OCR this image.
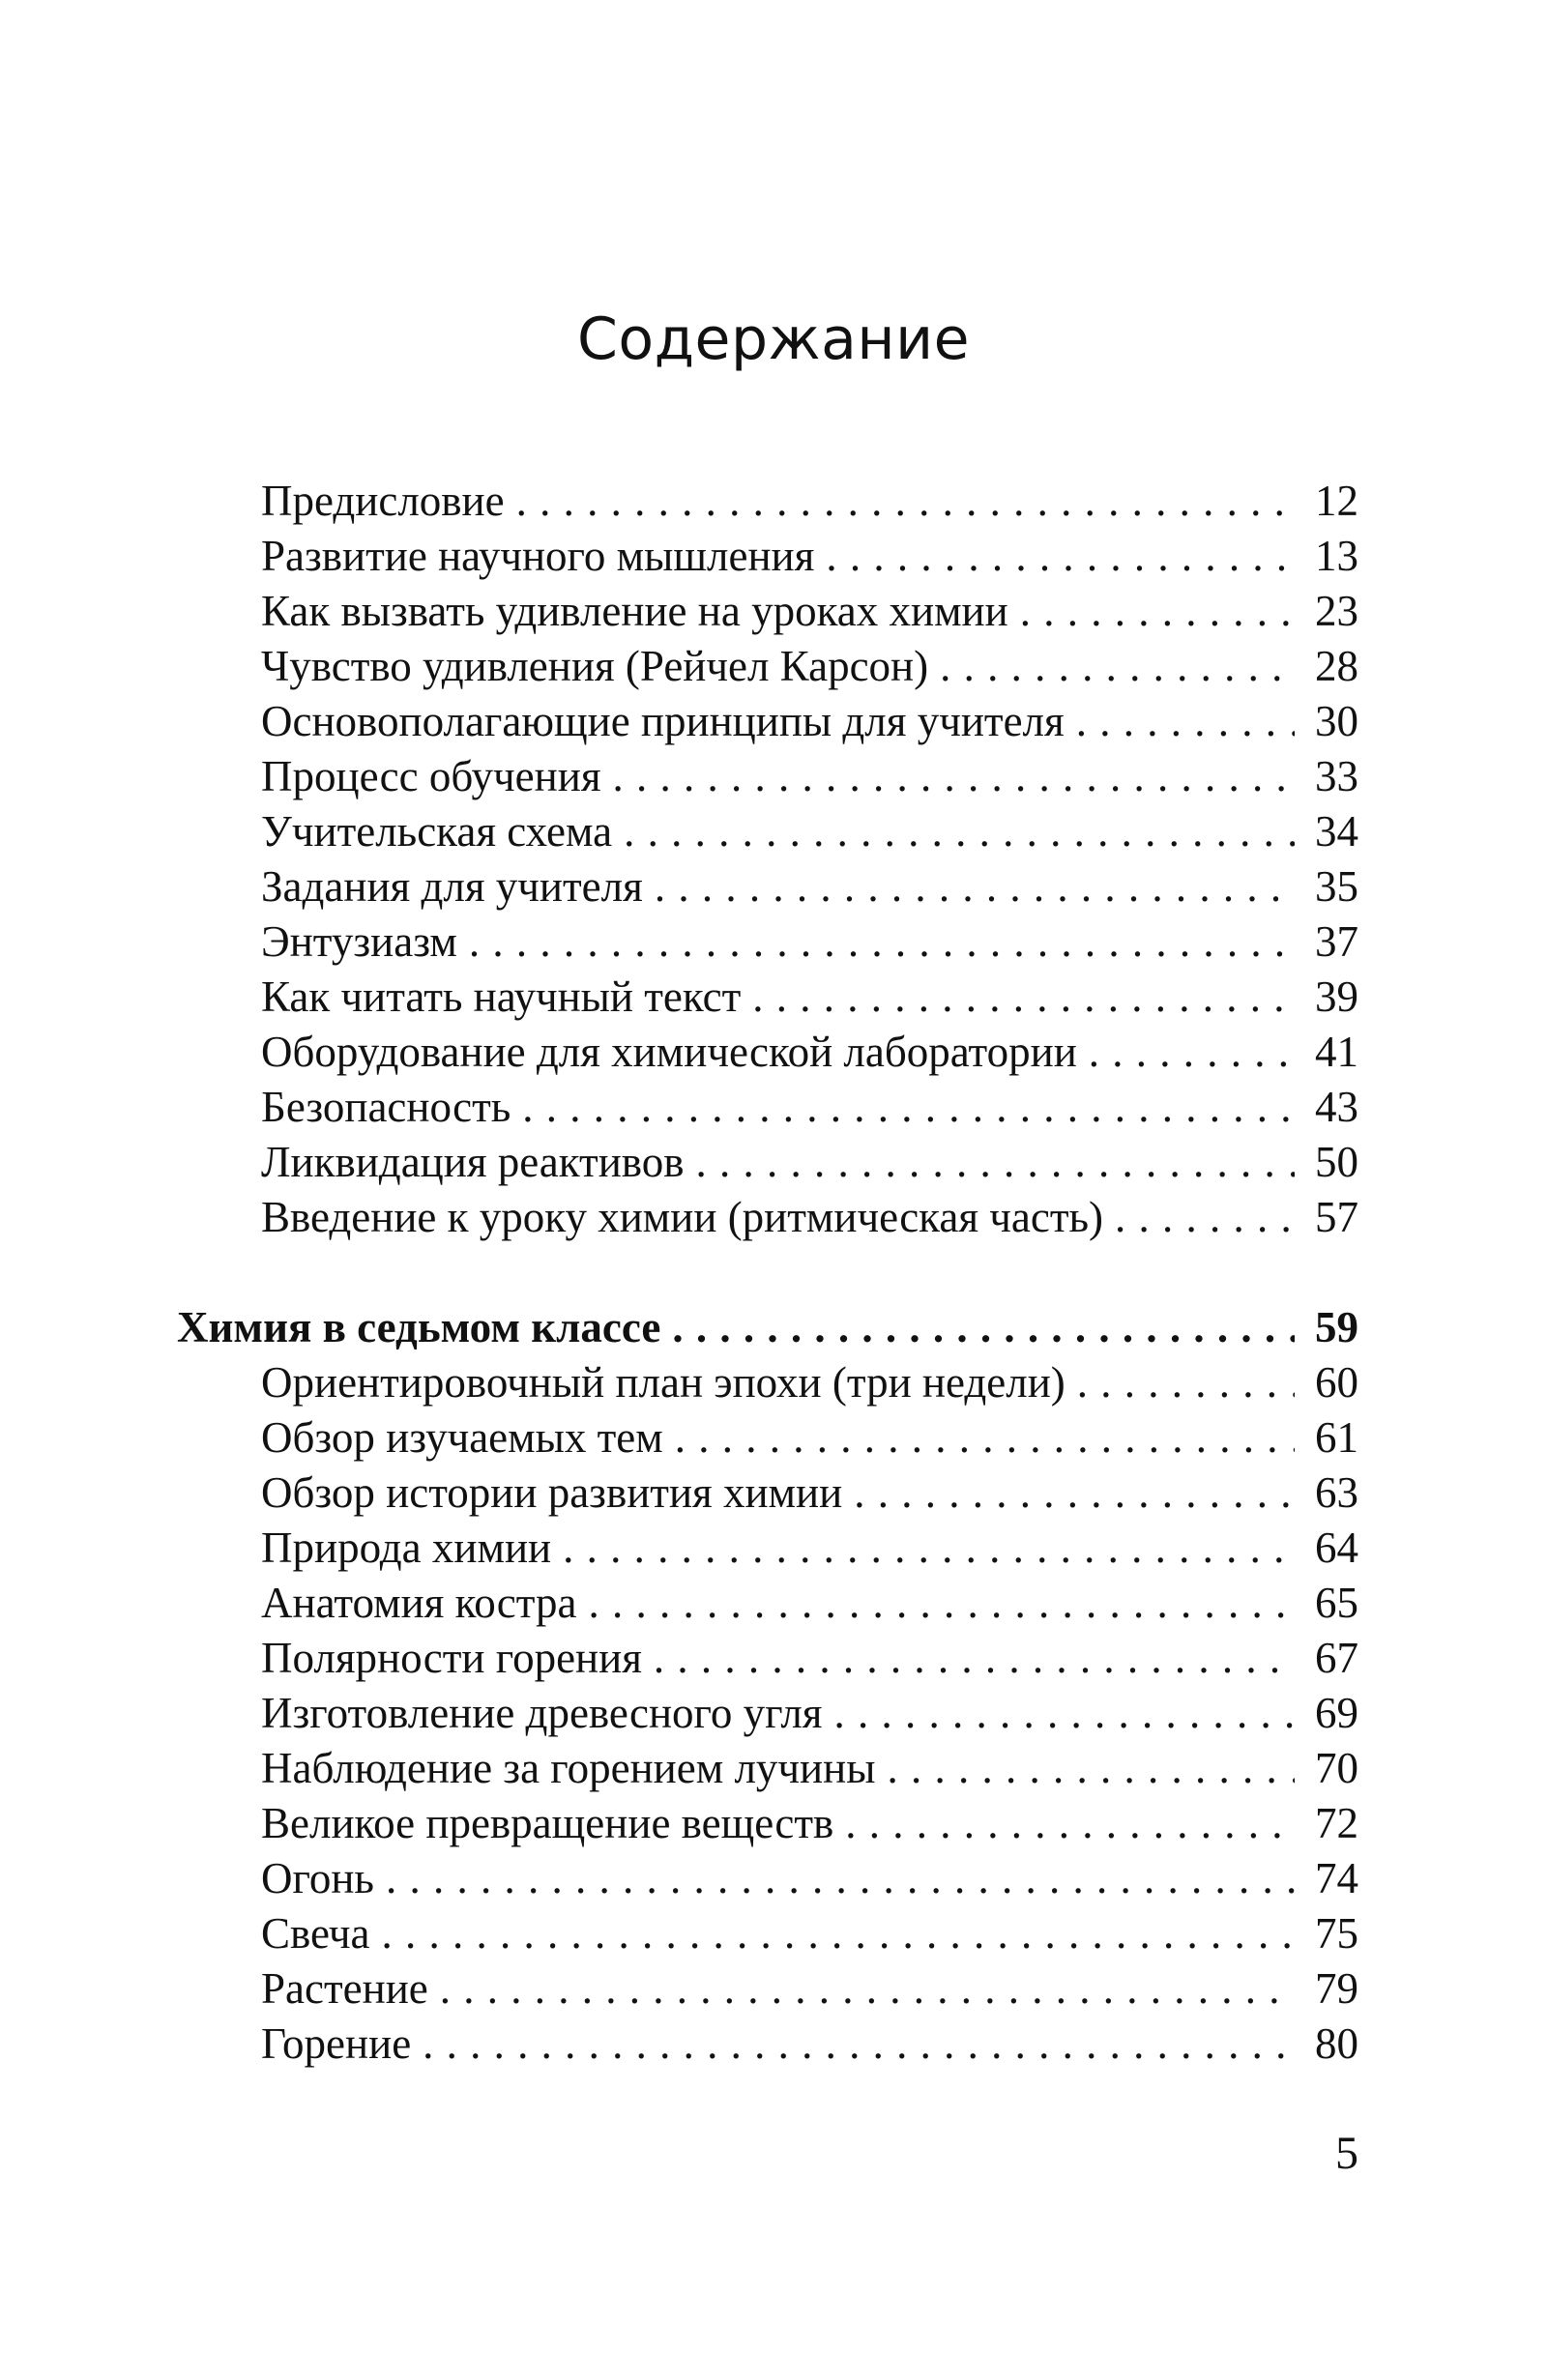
Содержание
Предисловие . . .	12
Развитие научного мышления . . .	13
Как вызвать удивление на уроках химии . . .	23
Чувство удивления (Рейчел Карсон) . . .	28
Основополагающие принципы для учителя . . .	30
Процесс обучения . . .	33
Учительская схема . . .	34
Задания для учителя . . .	35
Энтузиазм . . .	37
Как читать научный текст . . .	39
Оборудование для химической лаборатории . . .	41
Безопасность . . .	43
Ликвидация реактивов . . .	50
Введение к уроку химии (ритмическая часть) . . .	57
Химия в седьмом классе . . .	59
Ориентировочный план эпохи (три недели) . . .	60
Обзор изучаемых тем . . .	61
Обзор истории развития химии . . .	63
Природа химии . . .	64
Анатомия костра . . .	65
Полярности горения . . .	67
Изготовление древесного угля . . .	69
Наблюдение за горением лучины . . .	70
Великое превращение веществ . . .	72
Огонь . . .	74
Свеча . . .	75
Растение . . .	79
Горение . . .	80
5
